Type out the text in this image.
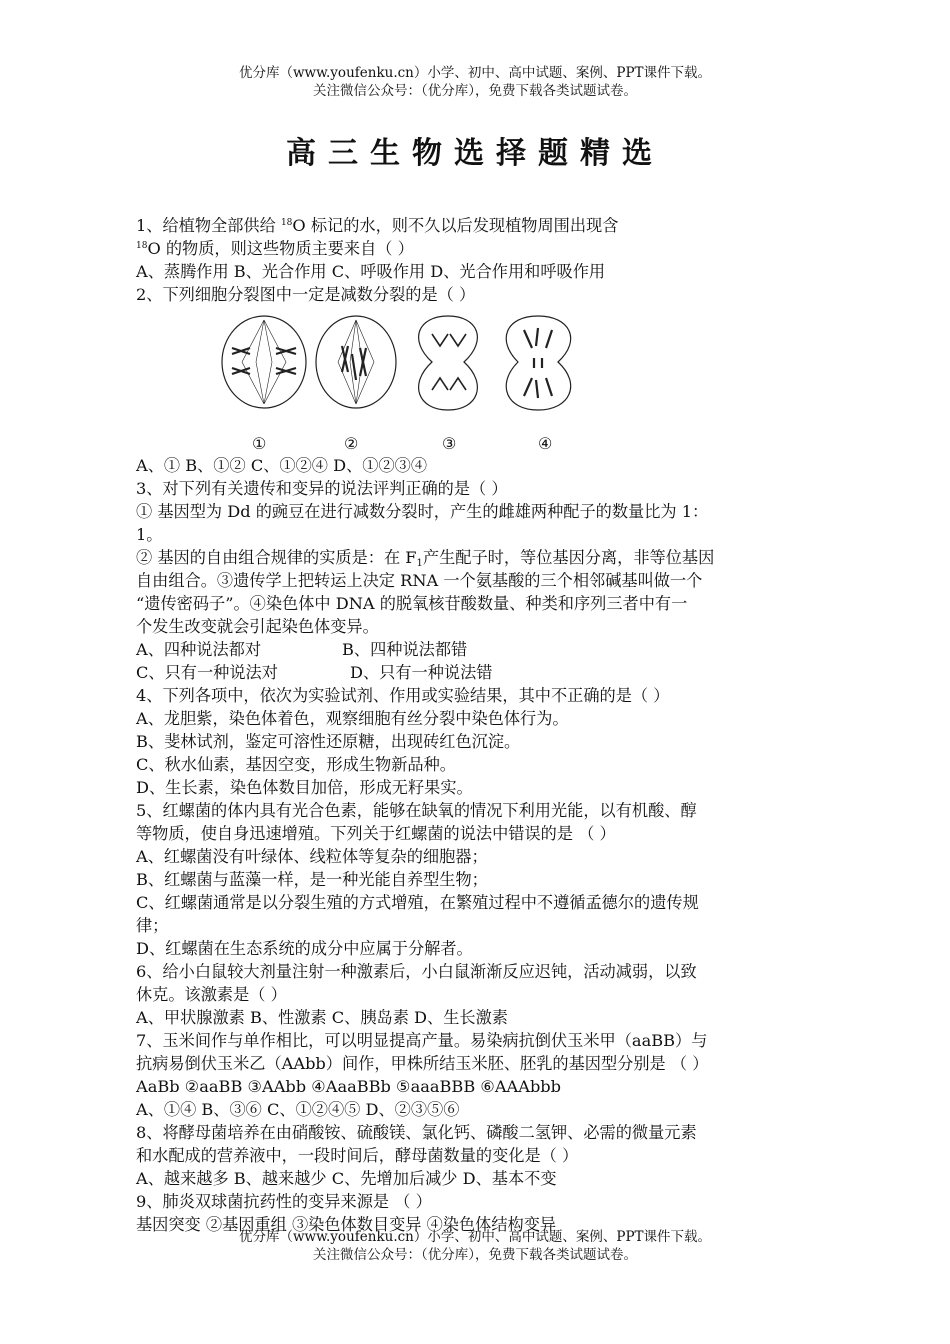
优分库（www.youfenku.cn）小学、初中、高中试题、案例、PPT课件下载。
关注微信公众号：（优分库），免费下载各类试题试卷。
高三生物选择题精选
1、给植物全部供给 $^{18}$O 标记的水，则不久以后发现植物周围出现含
$^{18}$O 的物质，则这些物质主要来自（ ）
A、蒸腾作用 B、光合作用 C、呼吸作用 D、光合作用和呼吸作用
2、下列细胞分裂图中一定是减数分裂的是（ ）
①	②	③	④
A、① B、①② C、①②④ D、①②③④
3、对下列有关遗传和变异的说法评判正确的是（ ）
① 基因型为 Dd 的豌豆在进行减数分裂时，产生的雌雄两种配子的数量比为 1：
1。
② 基因的自由组合规律的实质是：在 $F_1$产生配子时，等位基因分离，非等位基因
自由组合。③遗传学上把转运上决定 RNA 一个氨基酸的三个相邻碱基叫做一个
“遗传密码子”。④染色体中 DNA 的脱氧核苷酸数量、种类和序列三者中有一
个发生改变就会引起染色体变异。
A、四种说法都对	B、四种说法都错
C、只有一种说法对	D、只有一种说法错
4、下列各项中，依次为实验试剂、作用或实验结果，其中不正确的是（ ）
A、龙胆紫，染色体着色，观察细胞有丝分裂中染色体行为。
B、斐林试剂，鉴定可溶性还原糖，出现砖红色沉淀。
C、秋水仙素，基因空变，形成生物新品种。
D、生长素，染色体数目加倍，形成无籽果实。
5、红螺菌的体内具有光合色素，能够在缺氧的情况下利用光能，以有机酸、醇
等物质，使自身迅速增殖。下列关于红螺菌的说法中错误的是 （ ）
A、红螺菌没有叶绿体、线粒体等复杂的细胞器；
B、红螺菌与蓝藻一样，是一种光能自养型生物；
C、红螺菌通常是以分裂生殖的方式增殖，在繁殖过程中不遵循孟德尔的遗传规
律；
D、红螺菌在生态系统的成分中应属于分解者。
6、给小白鼠较大剂量注射一种激素后，小白鼠渐渐反应迟钝，活动减弱，以致
休克。该激素是（ ）
A、甲状腺激素 B、性激素 C、胰岛素 D、生长激素
7、玉米间作与单作相比，可以明显提高产量。易染病抗倒伏玉米甲（aaBB）与
抗病易倒伏玉米乙（AAbb）间作，甲株所结玉米胚、胚乳的基因型分别是 （ ）
AaBb ②aaBB ③AAbb ④AaaBBb ⑤aaaBBB ⑥AAAbbb
A、①④ B、③⑥ C、①②④⑤ D、②③⑤⑥
8、将酵母菌培养在由硝酸铵、硫酸镁、氯化钙、磷酸二氢钾、必需的微量元素
和水配成的营养液中，一段时间后，酵母菌数量的变化是（ ）
A、越来越多 B、越来越少 C、先增加后减少 D、基本不变
9、肺炎双球菌抗药性的变异来源是 （ ）
基因突变 ②基因重组 ③染色体数目变异 ④染色体结构变异
优分库（www.youfenku.cn）小学、初中、高中试题、案例、PPT课件下载。
关注微信公众号：（优分库），免费下载各类试题试卷。
